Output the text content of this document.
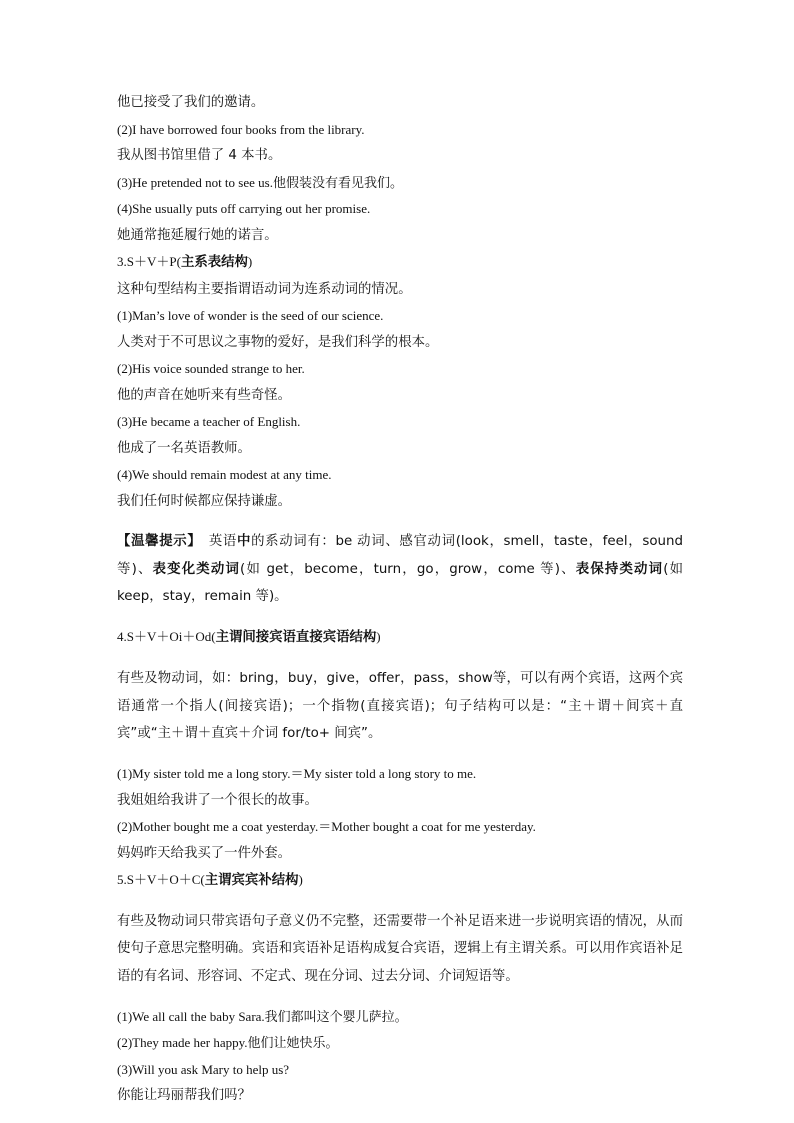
他已接受了我们的邀请。

(2)I have borrowed four books from the library.

我从图书馆里借了 4 本书。

(3)He pretended not to see us.他假装没有看见我们。

(4)She usually puts off carrying out her promise.

她通常拖延履行她的诺言。

3.S＋V＋P(主系表结构)

这种句型结构主要指谓语动词为连系动词的情况。

(1)Man’s love of wonder is the seed of our science.

人类对于不可思议之事物的爱好，是我们科学的根本。

(2)His voice sounded strange to her.

他的声音在她听来有些奇怪。

(3)He became a teacher of English.

他成了一名英语教师。

(4)We should remain modest at any time.

我们任何时候都应保持谦虚。

【温馨提示】　英语中的系动词有：be 动词、感官动词(look，smell，taste，feel，sound 等)、表变化类动词(如 get，become，turn，go，grow，come 等)、表保持类动词(如 keep，stay，remain 等)。

4.S＋V＋Oi＋Od(主谓间接宾语直接宾语结构)

有些及物动词，如：bring，buy，give，offer，pass，show等，可以有两个宾语，这两个宾语通常一个指人(间接宾语)；一个指物(直接宾语)；句子结构可以是：“主＋谓＋间宾＋直宾”或“主＋谓＋直宾＋介词 for/to+ 间宾”。

(1)My sister told me a long story.＝My sister told a long story to me.

我姐姐给我讲了一个很长的故事。

(2)Mother bought me a coat yesterday.＝Mother bought a coat for me yesterday.

妈妈昨天给我买了一件外套。

5.S＋V＋O＋C(主谓宾宾补结构)

有些及物动词只带宾语句子意义仍不完整，还需要带一个补足语来进一步说明宾语的情况，从而使句子意思完整明确。宾语和宾语补足语构成复合宾语，逻辑上有主谓关系。可以用作宾语补足语的有名词、形容词、不定式、现在分词、过去分词、介词短语等。

(1)We all call the baby Sara.我们都叫这个婴儿萨拉。

(2)They made her happy.他们让她快乐。

(3)Will you ask Mary to help us?

你能让玛丽帮我们吗？
